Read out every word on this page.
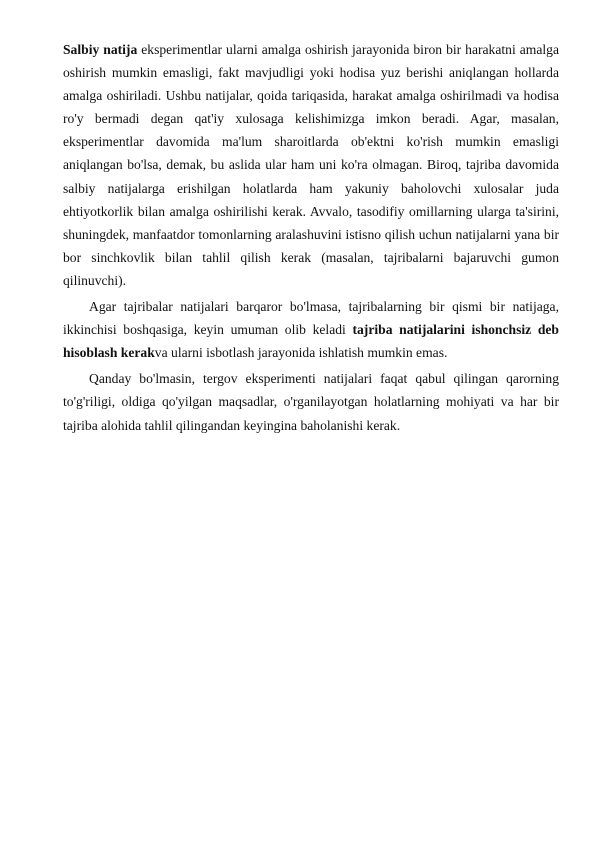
Salbiy natija eksperimentlar ularni amalga oshirish jarayonida biron bir harakatni amalga oshirish mumkin emasligi, fakt mavjudligi yoki hodisa yuz berishi aniqlangan hollarda amalga oshiriladi. Ushbu natijalar, qoida tariqasida, harakat amalga oshirilmadi va hodisa ro'y bermadi degan qat'iy xulosaga kelishimizga imkon beradi. Agar, masalan, eksperimentlar davomida ma'lum sharoitlarda ob'ektni ko'rish mumkin emasligi aniqlangan bo'lsa, demak, bu aslida ular ham uni ko'ra olmagan. Biroq, tajriba davomida salbiy natijalarga erishilgan holatlarda ham yakuniy baholovchi xulosalar juda ehtiyotkorlik bilan amalga oshirilishi kerak. Avvalo, tasodifiy omillarning ularga ta'sirini, shuningdek, manfaatdor tomonlarning aralashuvini istisno qilish uchun natijalarni yana bir bor sinchkovlik bilan tahlil qilish kerak (masalan, tajribalarni bajaruvchi gumon qilinuvchi).

Agar tajribalar natijalari barqaror bo'lmasa, tajribalarning bir qismi bir natijaga, ikkinchisi boshqasiga, keyin umuman olib keladi tajriba natijalarini ishonchsiz deb hisoblash kerakva ularni isbotlash jarayonida ishlatish mumkin emas.

Qanday bo'lmasin, tergov eksperimenti natijalari faqat qabul qilingan qarorning to'g'riligi, oldiga qo'yilgan maqsadlar, o'rganilayotgan holatlarning mohiyati va har bir tajriba alohida tahlil qilingandan keyingina baholanishi kerak.
